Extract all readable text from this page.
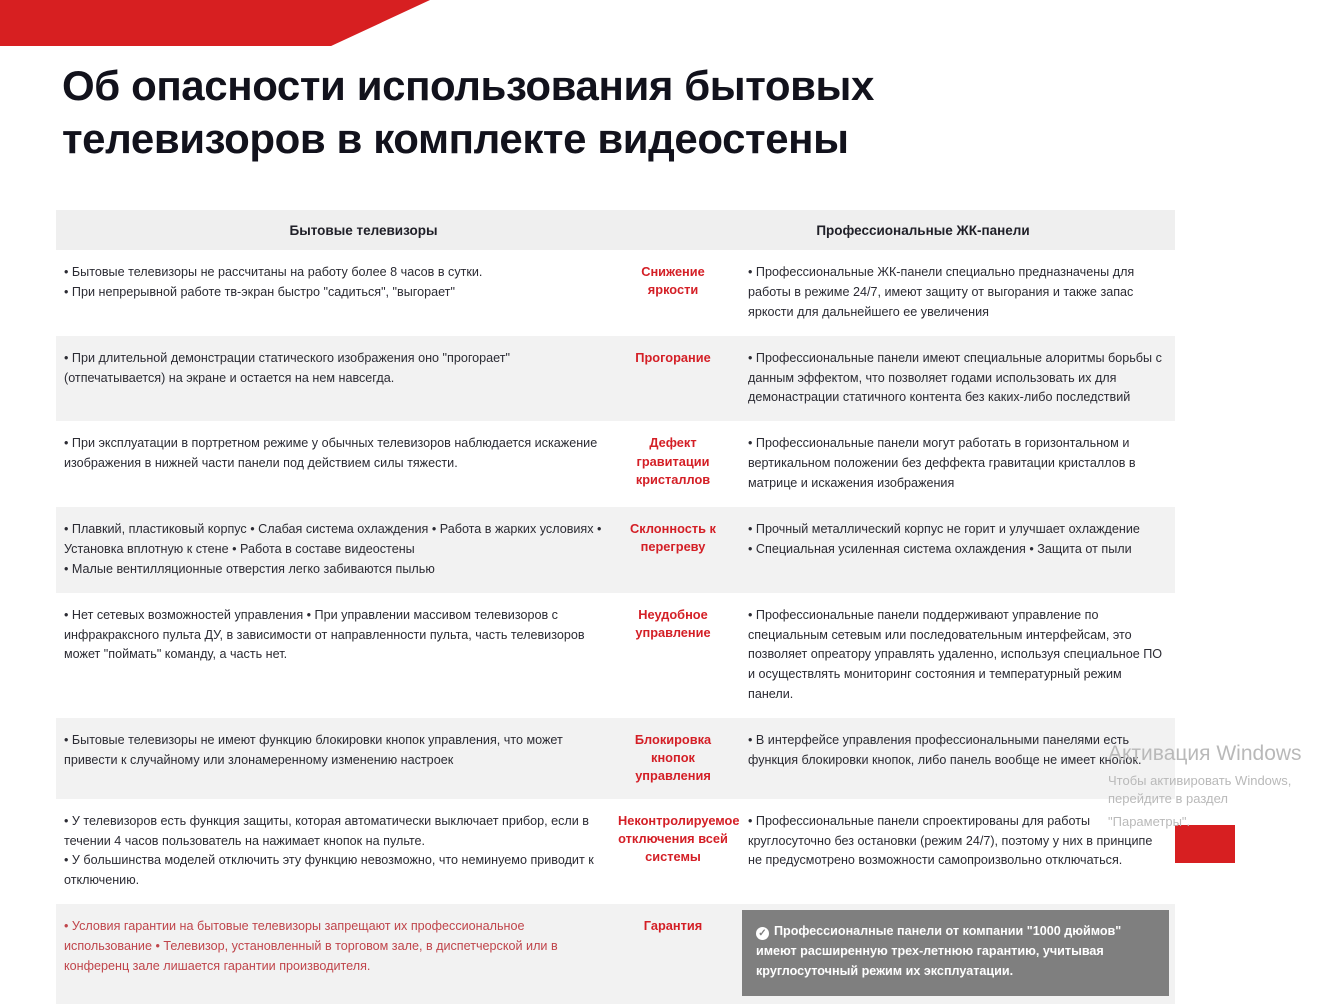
Об опасности использования бытовых
телевизоров в комплекте видеостены
Бытовые телевизоры	Профессиональные ЖК-панели

• Бытовые телевизоры не рассчитаны на работу более 8 часов в сутки.

• При непрерывной работе тв-экран быстро "садиться", "выгорает"

Снижение яркости
• Профессиональные ЖК-панели специально предназначены для работы в режиме 24/7, имеют защиту от выгорания и также запас яркости для дальнейшего ее увеличения
• При длительной демонстрации статического изображения оно "прогорает" (отпечатывается) на экране и остается на нем навсегда.
Прогорание	• Профессиональные панели имеют специальные алоритмы борьбы с данным эффектом, что позволяет годами использовать их для демонастрации статичного контента без каких-либо последствий
• При эксплуатации в портретном режиме у обычных телевизоров наблюдается искажение изображения в нижней части панели под действием силы тяжести.
Дефект гравитации кристаллов
• Профессиональные панели могут работать в горизонтальном и вертикальном положении без деффекта гравитации кристаллов в матрице и искажения изображения

• Плавкий, пластиковый корпус • Слабая система охлаждения • Работа в жарких условиях • Установка вплотную к стене • Работа в составе видеостены

• Малые вентилляционные отверстия легко забиваются пылью

Склонность к перегреву

• Прочный металлический корпус не горит и улучшает охлаждение

• Специальная усиленная система охлаждения • Защита от пыли

• Нет сетевых возможностей управления • При управлении массивом телевизоров с инфракраксного пульта ДУ, в зависимости от направленности пульта, часть телевизоров может "поймать" команду, а часть нет.
Неудобное управление
• Профессиональные панели поддерживают управление по специальным сетевым или последовательным интерфейсам, это позволяет опреатору управлять удаленно, используя специальное ПО и осуществлять мониторинг состояния и температурный режим панели.
• Бытовые телевизоры не имеют функцию блокировки кнопок управления, что может привести к случайному или злонамеренному изменению настроек
Блокировка кнопок управления
• В интерфейсе управления профессиональными панелями есть функция блокировки кнопок, либо панель вообще не имеет кнопок.

• У телевизоров есть функция защиты, которая автоматически выключает прибор, если в течении 4 часов пользователь на нажимает кнопок на пульте.

• У большинства моделей отключить эту функцию невозможно, что неминуемо приводит к отключению.

Неконтролируемое отключения всей системы
• Профессиональные панели спроектированы для работы круглосуточно без остановки (режим 24/7), поэтому у них в принципе не предусмотрено возможности самопроизвольно отключаться.
• Условия гарантии на бытовые телевизоры запрещают их профессиональное использование • Телевизор, установленный в торговом зале, в диспетчерской или в конференц зале лишается гарантии производителя.
Гарантия
✓ Профессионалные панели от компании "1000 дюймов" имеют расширенную трех-летнюю гарантию, учитывая круглосуточный режим их эксплуатации.
Активация Windows
Чтобы активировать Windows, перейдите в раздел
"Параметры".
